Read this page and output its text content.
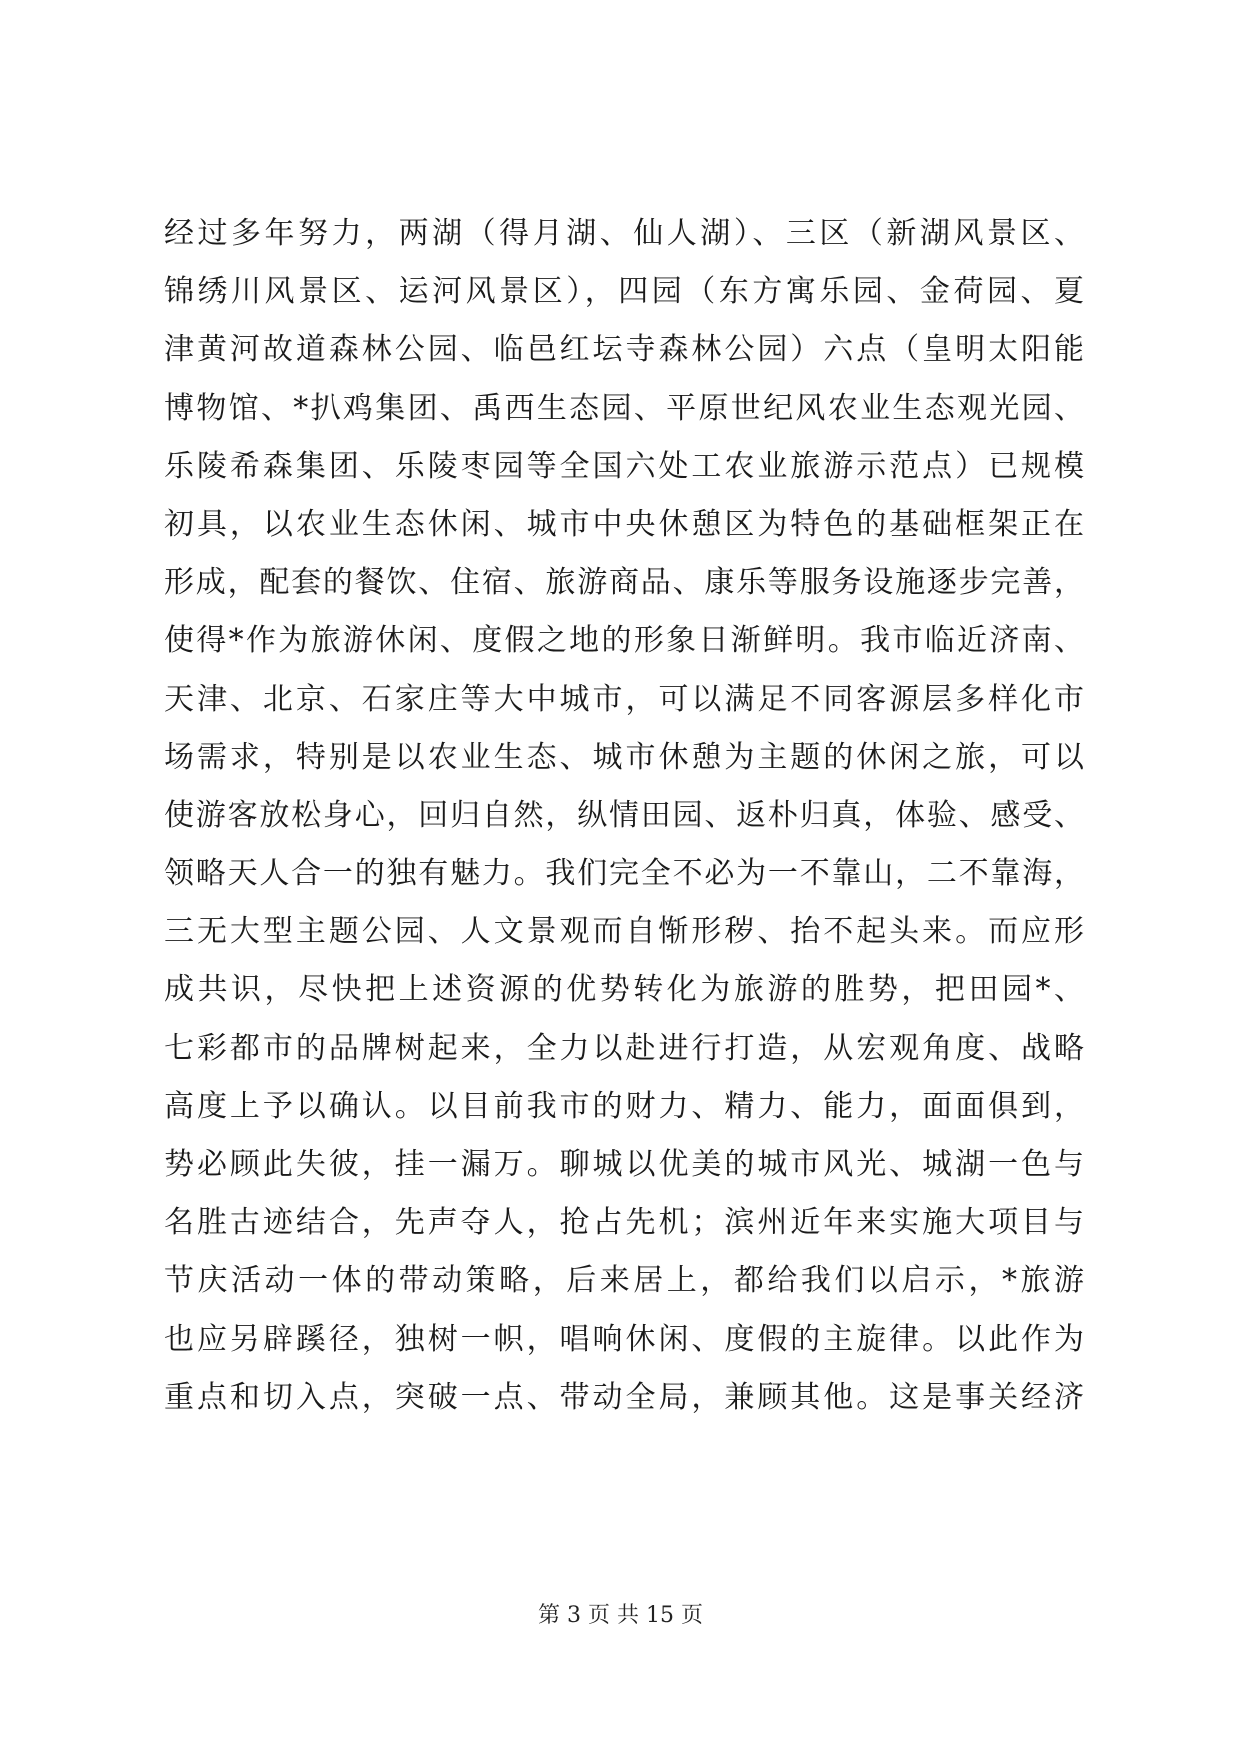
经过多年努力，两湖（得月湖、仙人湖）、三区（新湖风景区、
锦绣川风景区、运河风景区），四园（东方寓乐园、金荷园、夏
津黄河故道森林公园、临邑红坛寺森林公园）六点（皇明太阳能
博物馆、*扒鸡集团、禹西生态园、平原世纪风农业生态观光园、
乐陵希森集团、乐陵枣园等全国六处工农业旅游示范点）已规模
初具，以农业生态休闲、城市中央休憩区为特色的基础框架正在
形成，配套的餐饮、住宿、旅游商品、康乐等服务设施逐步完善，
使得*作为旅游休闲、度假之地的形象日渐鲜明。我市临近济南、
天津、北京、石家庄等大中城市，可以满足不同客源层多样化市
场需求，特别是以农业生态、城市休憩为主题的休闲之旅，可以
使游客放松身心，回归自然，纵情田园、返朴归真，体验、感受、
领略天人合一的独有魅力。我们完全不必为一不靠山，二不靠海，
三无大型主题公园、人文景观而自惭形秽、抬不起头来。而应形
成共识，尽快把上述资源的优势转化为旅游的胜势，把田园*、
七彩都市的品牌树起来，全力以赴进行打造，从宏观角度、战略
高度上予以确认。以目前我市的财力、精力、能力，面面俱到，
势必顾此失彼，挂一漏万。聊城以优美的城市风光、城湖一色与
名胜古迹结合，先声夺人，抢占先机；滨州近年来实施大项目与
节庆活动一体的带动策略，后来居上，都给我们以启示，*旅游
也应另辟蹊径，独树一帜，唱响休闲、度假的主旋律。以此作为
重点和切入点，突破一点、带动全局，兼顾其他。这是事关经济
第 3 页 共 15 页
